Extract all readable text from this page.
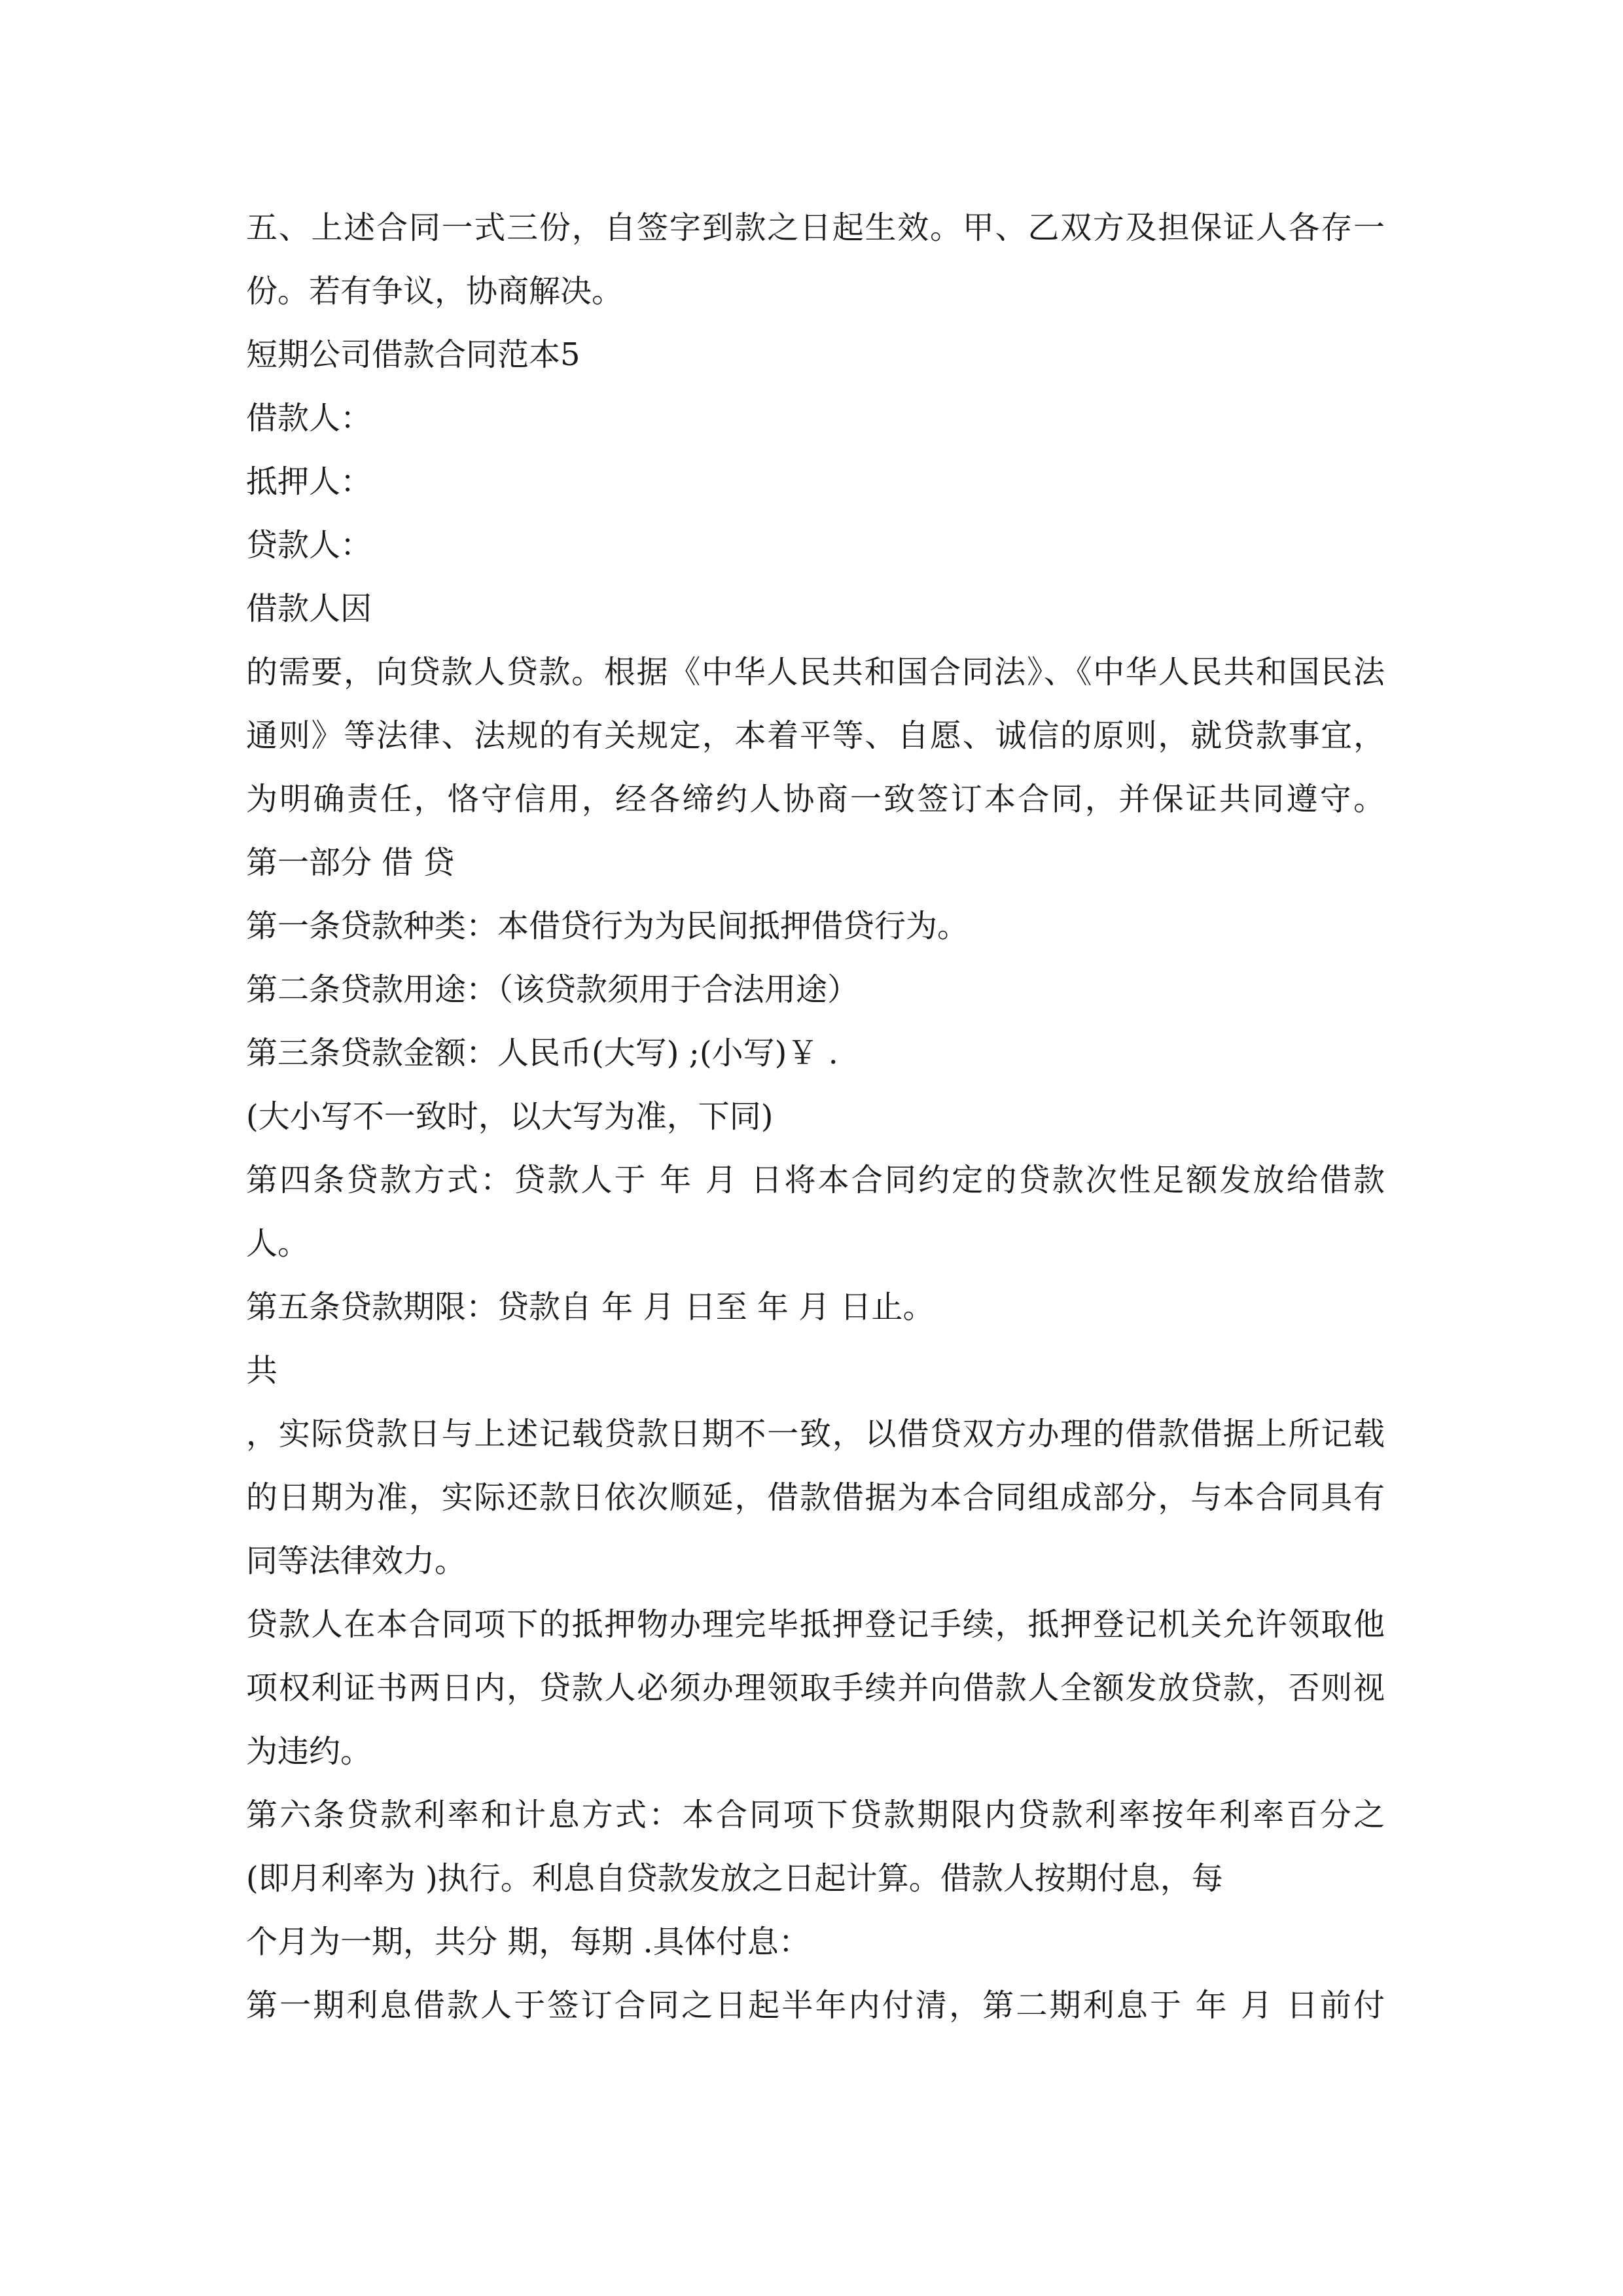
五、上述合同一式三份，自签字到款之日起生效。甲、乙双方及担保证人各存一
份。若有争议，协商解决。
短期公司借款合同范本5
借款人：
抵押人：
贷款人：
借款人因
的需要，向贷款人贷款。根据《中华人民共和国合同法》、《中华人民共和国民法
通则》等法律、法规的有关规定，本着平等、自愿、诚信的原则，就贷款事宜，
为明确责任，恪守信用，经各缔约人协商一致签订本合同，并保证共同遵守。
第一部分 借 贷
第一条贷款种类：本借贷行为为民间抵押借贷行为。
第二条贷款用途：（该贷款须用于合法用途）
第三条贷款金额：人民币(大写) ;(小写)￥ .
(大小写不一致时，以大写为准，下同)
第四条贷款方式：贷款人于 年 月 日将本合同约定的贷款次性足额发放给借款
人。
第五条贷款期限：贷款自 年 月 日至 年 月 日止。
共
，实际贷款日与上述记载贷款日期不一致，以借贷双方办理的借款借据上所记载
的日期为准，实际还款日依次顺延，借款借据为本合同组成部分，与本合同具有
同等法律效力。
贷款人在本合同项下的抵押物办理完毕抵押登记手续，抵押登记机关允许领取他
项权利证书两日内，贷款人必须办理领取手续并向借款人全额发放贷款，否则视
为违约。
第六条贷款利率和计息方式：本合同项下贷款期限内贷款利率按年利率百分之
(即月利率为 )执行。利息自贷款发放之日起计算。借款人按期付息，每
个月为一期，共分 期，每期 .具体付息：
第一期利息借款人于签订合同之日起半年内付清，第二期利息于 年 月 日前付
